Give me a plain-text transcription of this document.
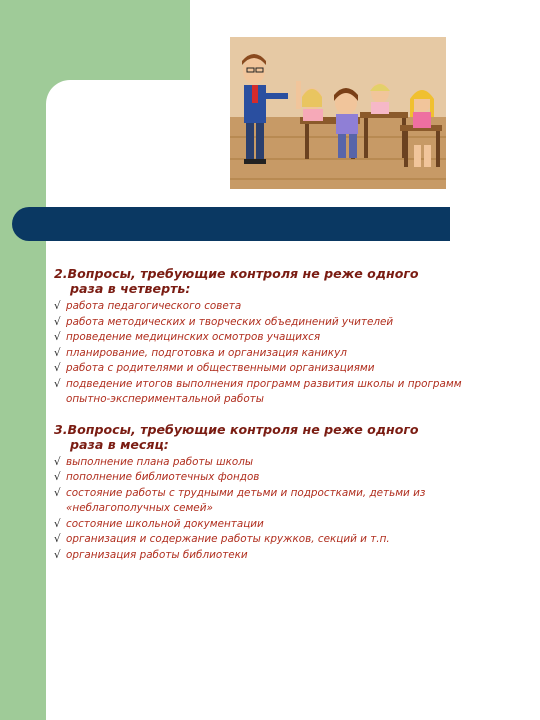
2.Вопросы, требующие контроля не реже одного
раза в четверть:

√ работа педагогического совета
√ работа методических и творческих объединений учителей
√ проведение медицинских осмотров учащихся
√ планирование, подготовка и организация каникул
√ работа с родителями и общественными организациями
√ подведение итогов выполнения программ развития школы и программ опытно-экспериментальной работы

3.Вопросы, требующие контроля не реже одного
раза в месяц:

√ выполнение плана работы школы
√ пополнение библиотечных фондов
√ состояние работы с трудными детьми и подростками, детьми из «неблагополучных семей»
√ состояние школьной документации
√ организация и содержание работы кружков, секций и т.п.
√ организация работы библиотеки
